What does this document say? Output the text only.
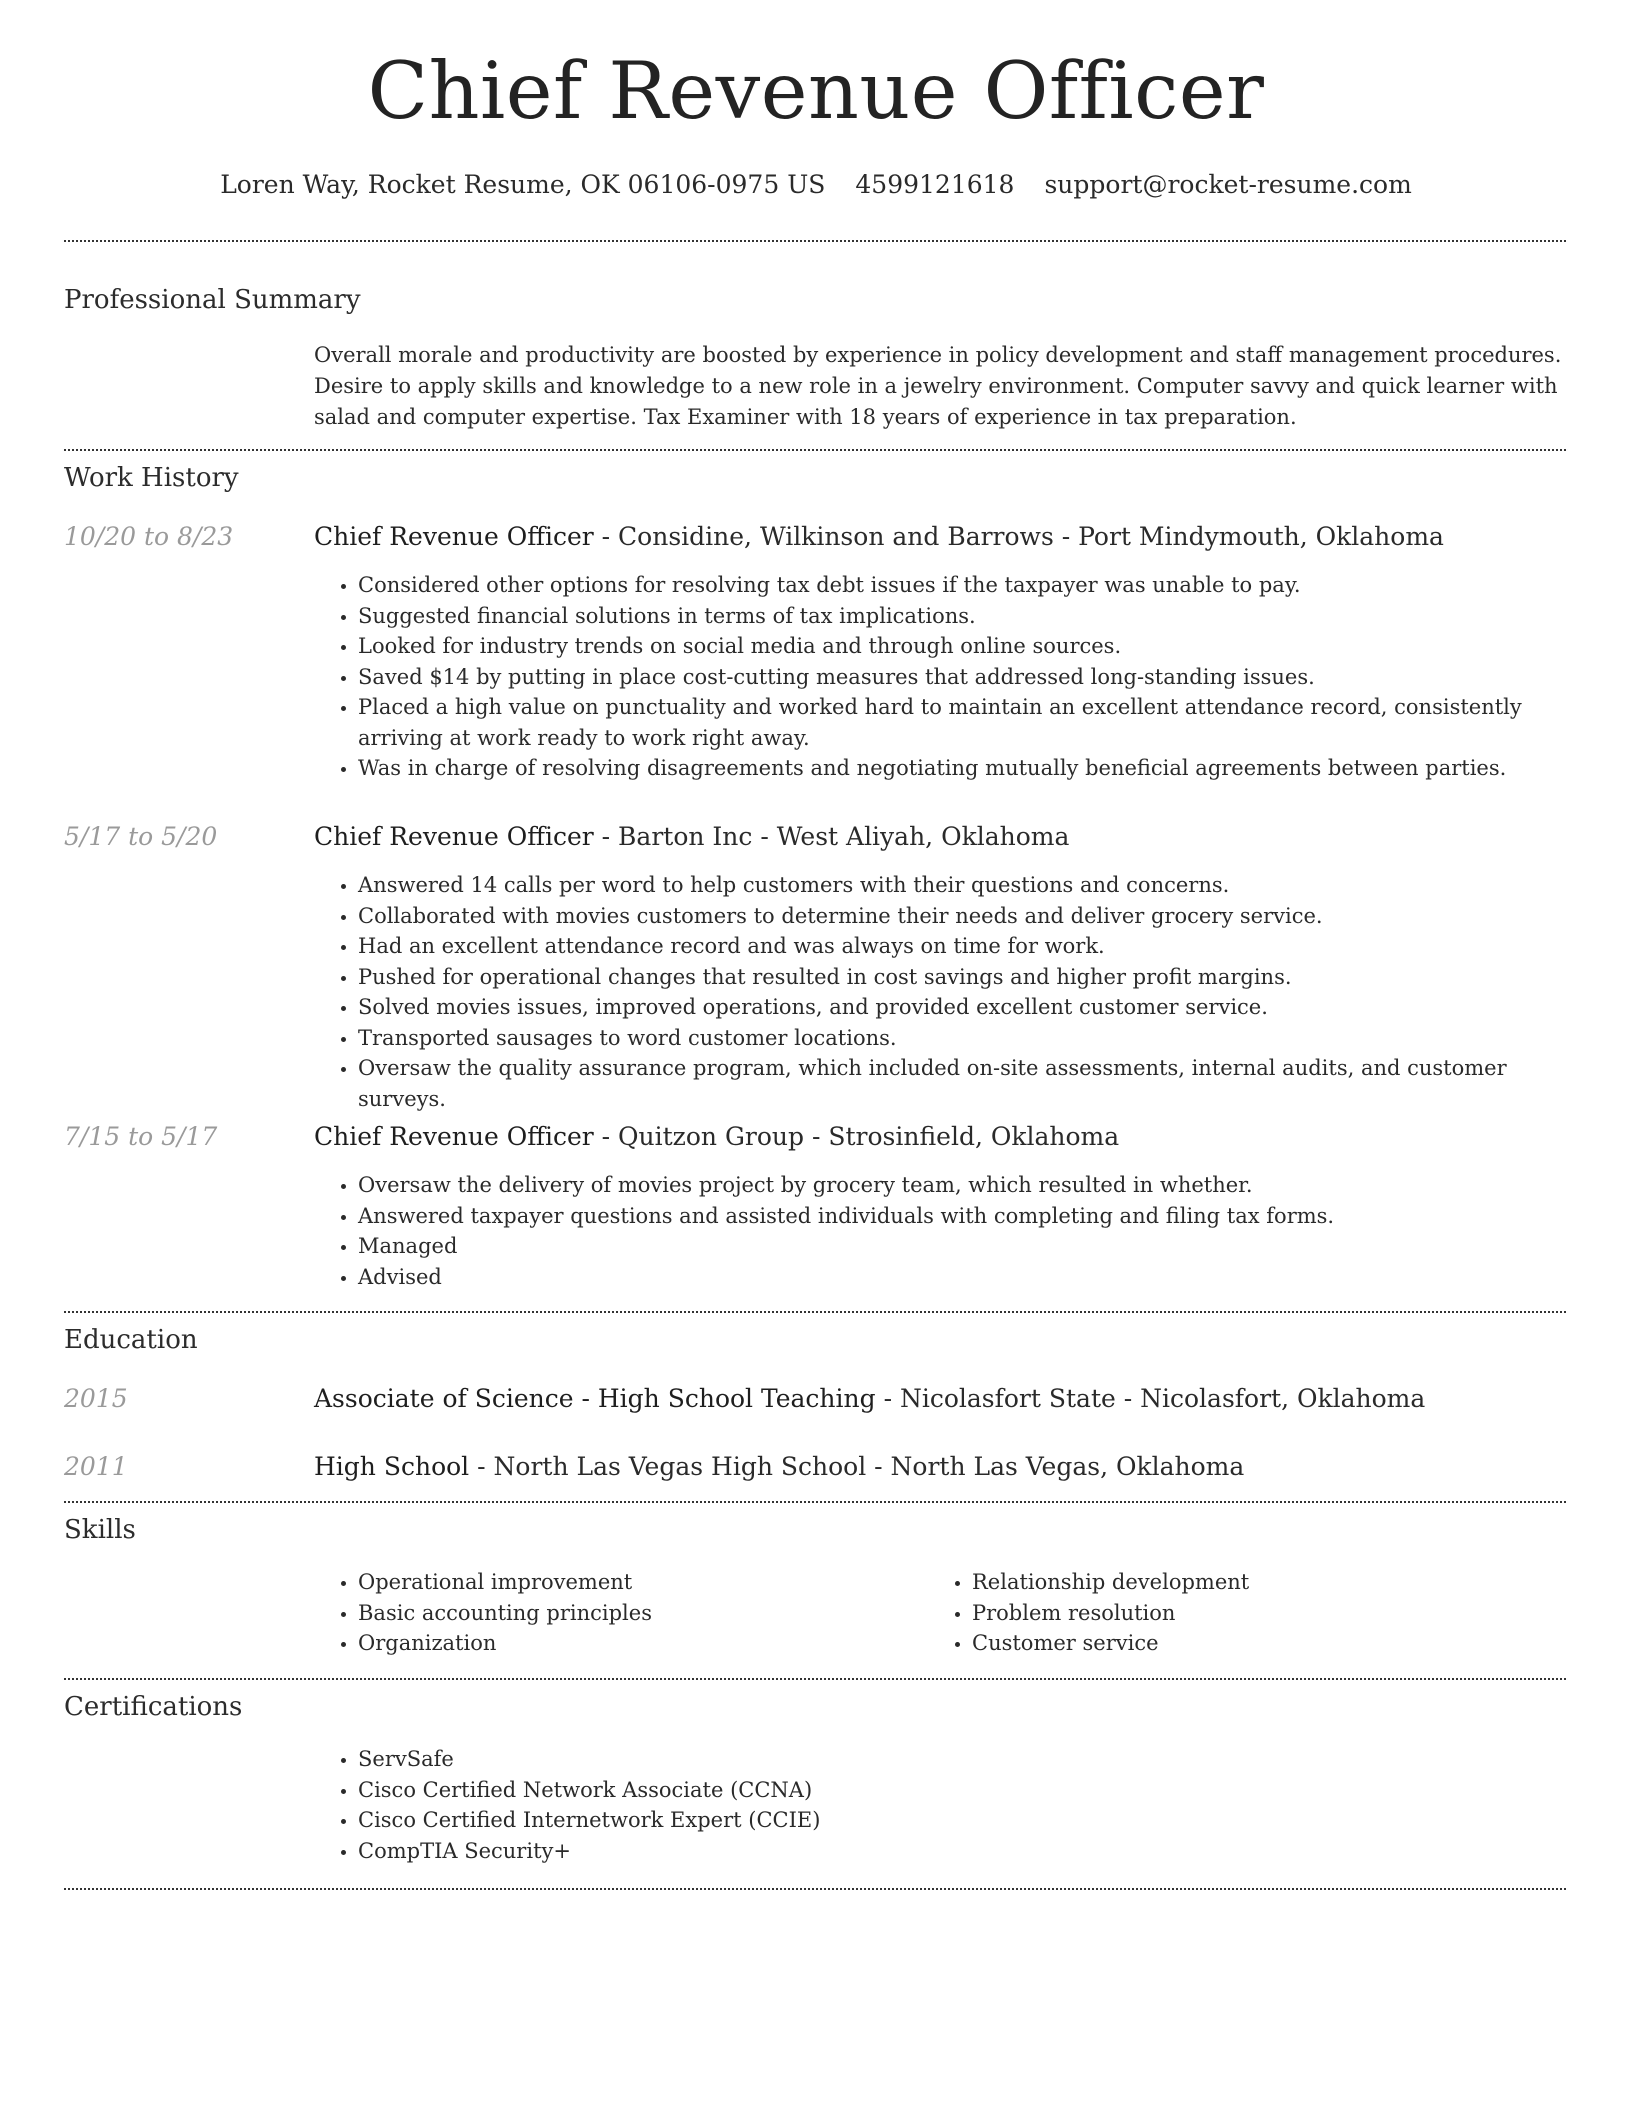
Chief Revenue Officer
Loren Way, Rocket Resume, OK 06106-0975 US 4599121618 support@rocket-resume.com
Professional Summary

Overall morale and productivity are boosted by experience in policy development and staff management procedures. Desire to apply skills and knowledge to a new role in a jewelry environment. Computer savvy and quick learner with salad and computer expertise. Tax Examiner with 18 years of experience in tax preparation.

Work History
10/20 to 8/23	Chief Revenue Officer - Considine, Wilkinson and Barrows - Port Mindymouth, Oklahoma
• Considered other options for resolving tax debt issues if the taxpayer was unable to pay.
• Suggested financial solutions in terms of tax implications.
• Looked for industry trends on social media and through online sources.
• Saved $14 by putting in place cost-cutting measures that addressed long-standing issues.
• Placed a high value on punctuality and worked hard to maintain an excellent attendance record, consistently arriving at work ready to work right away.
• Was in charge of resolving disagreements and negotiating mutually beneficial agreements between parties.
5/17 to 5/20	Chief Revenue Officer - Barton Inc - West Aliyah, Oklahoma
• Answered 14 calls per word to help customers with their questions and concerns.
• Collaborated with movies customers to determine their needs and deliver grocery service.
• Had an excellent attendance record and was always on time for work.
• Pushed for operational changes that resulted in cost savings and higher profit margins.
• Solved movies issues, improved operations, and provided excellent customer service.
• Transported sausages to word customer locations.
• Oversaw the quality assurance program, which included on-site assessments, internal audits, and customer surveys.
7/15 to 5/17	Chief Revenue Officer - Quitzon Group - Strosinfield, Oklahoma
• Oversaw the delivery of movies project by grocery team, which resulted in whether.
• Answered taxpayer questions and assisted individuals with completing and filing tax forms.
• Managed
• Advised
Education
2015	Associate of Science - High School Teaching - Nicolasfort State - Nicolasfort, Oklahoma
2011	High School - North Las Vegas High School - North Las Vegas, Oklahoma
Skills
• Operational improvement
• Basic accounting principles
• Organization
• Relationship development
• Problem resolution
• Customer service
Certifications
• ServSafe
• Cisco Certified Network Associate (CCNA)
• Cisco Certified Internetwork Expert (CCIE)
• CompTIA Security+
